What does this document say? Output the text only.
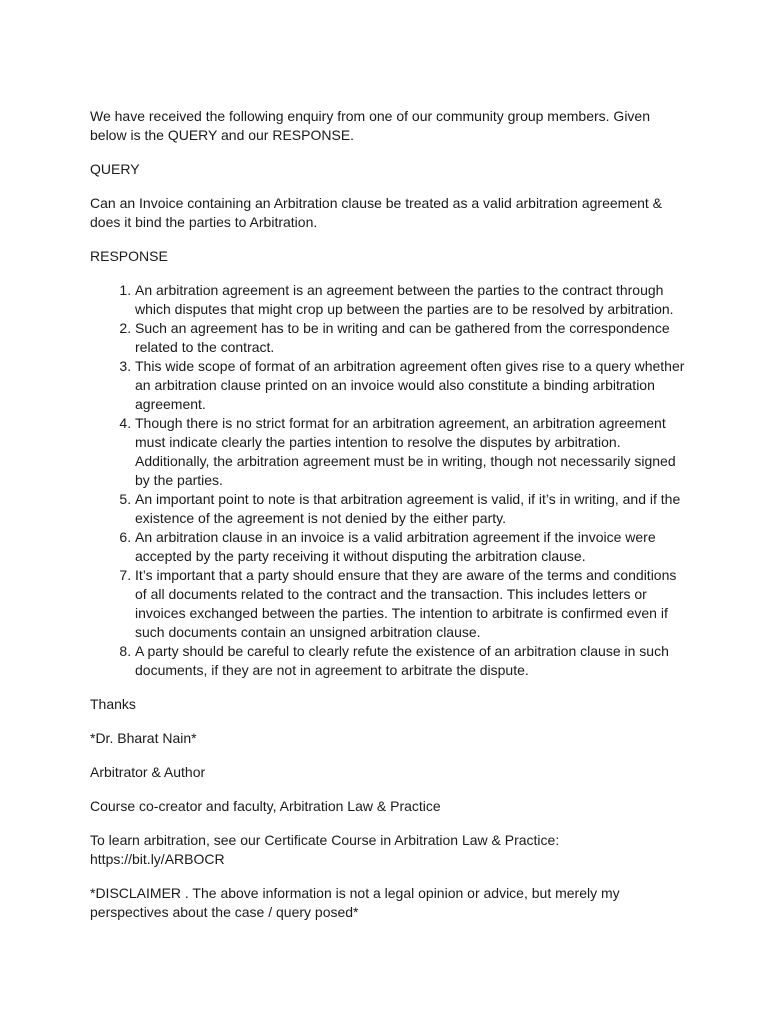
We have received the following enquiry from one of our community group members. Given below is the QUERY and our RESPONSE.

QUERY

Can an Invoice containing an Arbitration clause be treated as a valid arbitration agreement & does it bind the parties to Arbitration.

RESPONSE

1. An arbitration agreement is an agreement between the parties to the contract through which disputes that might crop up between the parties are to be resolved by arbitration.
2. Such an agreement has to be in writing and can be gathered from the correspondence related to the contract.
3. This wide scope of format of an arbitration agreement often gives rise to a query whether an arbitration clause printed on an invoice would also constitute a binding arbitration agreement.
4. Though there is no strict format for an arbitration agreement, an arbitration agreement must indicate clearly the parties intention to resolve the disputes by arbitration. Additionally, the arbitration agreement must be in writing, though not necessarily signed by the parties.
5. An important point to note is that arbitration agreement is valid, if it’s in writing, and if the existence of the agreement is not denied by the either party.
6. An arbitration clause in an invoice is a valid arbitration agreement if the invoice were accepted by the party receiving it without disputing the arbitration clause.
7. It’s important that a party should ensure that they are aware of the terms and conditions of all documents related to the contract and the transaction. This includes letters or invoices exchanged between the parties. The intention to arbitrate is confirmed even if such documents contain an unsigned arbitration clause.
8. A party should be careful to clearly refute the existence of an arbitration clause in such documents, if they are not in agreement to arbitrate the dispute.

Thanks

*Dr. Bharat Nain*

Arbitrator & Author

Course co-creator and faculty, Arbitration Law & Practice

To learn arbitration, see our Certificate Course in Arbitration Law & Practice:
https://bit.ly/ARBOCR

*DISCLAIMER . The above information is not a legal opinion or advice, but merely my perspectives about the case / query posed*
